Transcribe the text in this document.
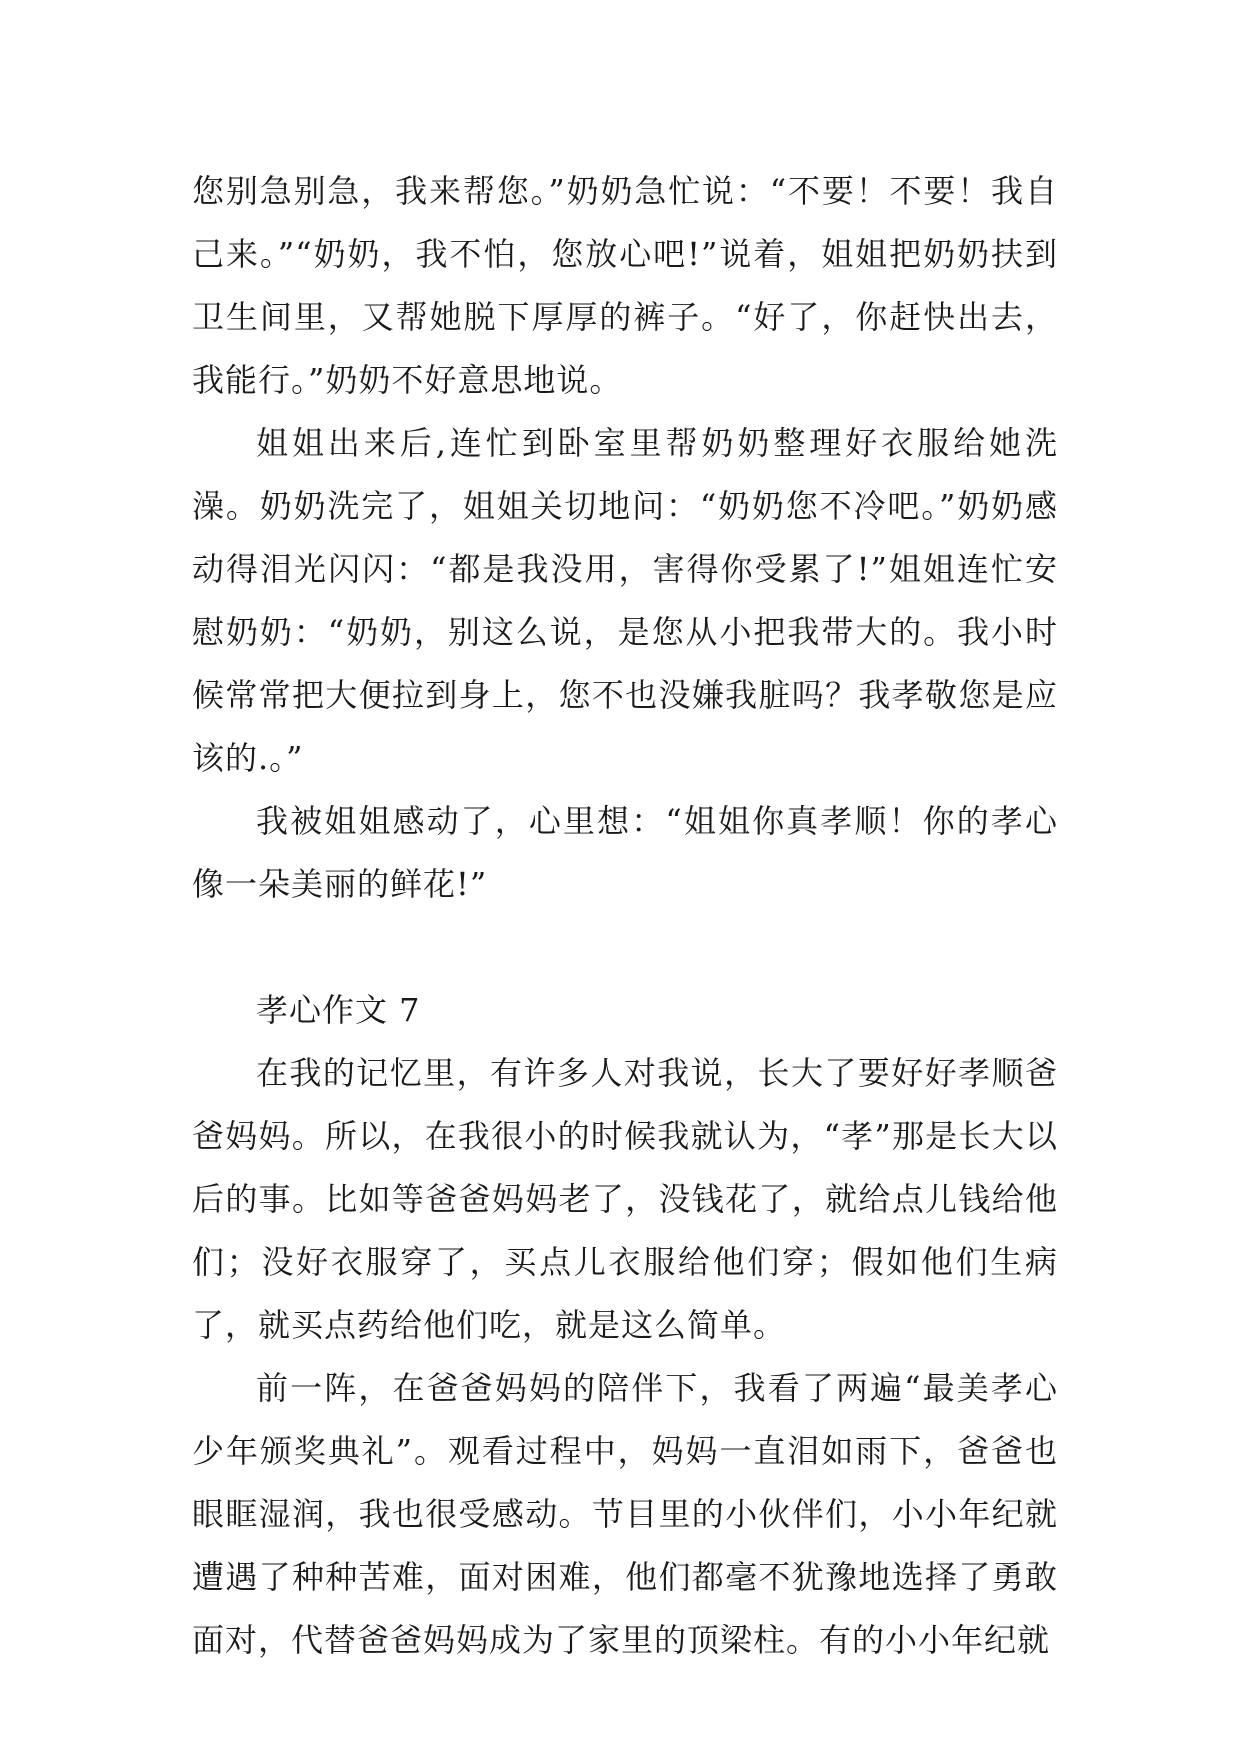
您别急别急，我来帮您。”奶奶急忙说：“不要！不要！我自己来。”“奶奶，我不怕，您放心吧!”说着，姐姐把奶奶扶到卫生间里，又帮她脱下厚厚的裤子。“好了，你赶快出去，我能行。”奶奶不好意思地说。

姐姐出来后,连忙到卧室里帮奶奶整理好衣服给她洗澡。奶奶洗完了，姐姐关切地问：“奶奶您不冷吧。”奶奶感动得泪光闪闪：“都是我没用，害得你受累了!”姐姐连忙安慰奶奶：“奶奶，别这么说，是您从小把我带大的。我小时候常常把大便拉到身上，您不也没嫌我脏吗？我孝敬您是应该的.。”

我被姐姐感动了，心里想：“姐姐你真孝顺！你的孝心像一朵美丽的鲜花!”

孝心作文 7

在我的记忆里，有许多人对我说，长大了要好好孝顺爸爸妈妈。所以，在我很小的时候我就认为，“孝”那是长大以后的事。比如等爸爸妈妈老了，没钱花了，就给点儿钱给他们；没好衣服穿了，买点儿衣服给他们穿；假如他们生病了，就买点药给他们吃，就是这么简单。

前一阵，在爸爸妈妈的陪伴下，我看了两遍“最美孝心少年颁奖典礼”。观看过程中，妈妈一直泪如雨下，爸爸也眼眶湿润，我也很受感动。节目里的小伙伴们，小小年纪就遭遇了种种苦难，面对困难，他们都毫不犹豫地选择了勇敢面对，代替爸爸妈妈成为了家里的顶梁柱。有的小小年纪就
